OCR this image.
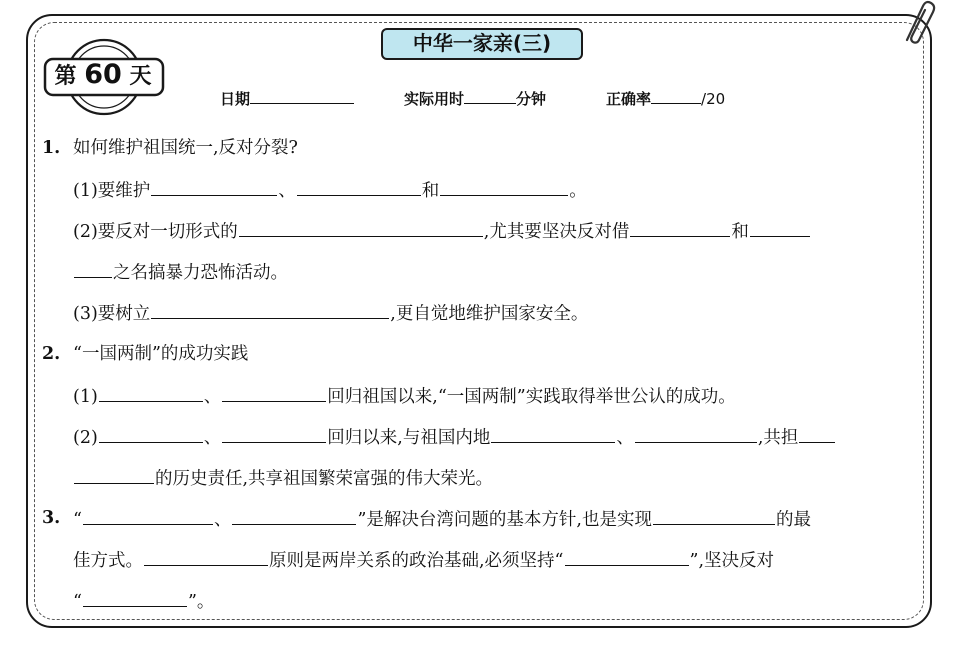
第 60 天
中华一家亲(三)
日期	实际用时	分钟	正确率	/20
1. 如何维护祖国统一,反对分裂?
(1)要维护	、	和	。
(2)要反对一切形式的	,尤其要坚决反对借	和
之名搞暴力恐怖活动。
(3)要树立	,更自觉地维护国家安全。
2. “一国两制”的成功实践
(1)	、	回归祖国以来,“一国两制”实践取得举世公认的成功。
(2)	、	回归以来,与祖国内地	、	,共担
的历史责任,共享祖国繁荣富强的伟大荣光。
3. “	、	”是解决台湾问题的基本方针,也是实现	的最
佳方式。	原则是两岸关系的政治基础,必须坚持“	”,坚决反对
“	”。
